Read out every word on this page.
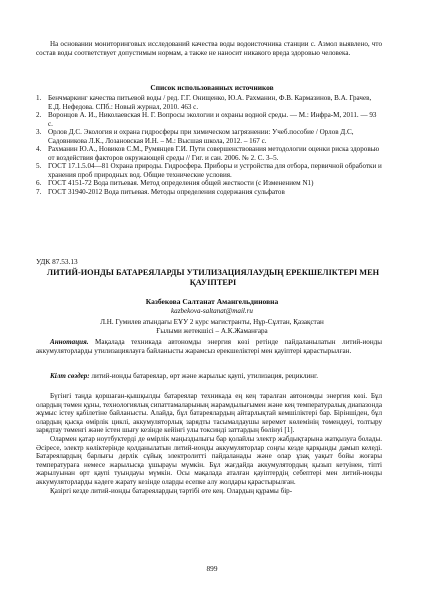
На основании мониторинговых исследований качества воды водоисточника станции с. Азмол выявлено, что состав воды соответствует допустимым нормам, а также не наносит никакого вреда здоровью человека.

Список использованных источников
1. Бенчмаркинг качества питьевой воды / ред. Г.Г. Онищенко, Ю.А. Рахманин, Ф.В. Кармазинов, В.А. Грачев, Е.Д. Нефедова. СПб.: Новый журнал, 2010. 463 с.
2. Воронцов А. И., Николаевская Н. Г. Вопросы экологии и охраны водной среды. — М.: Инфра-М, 2011. — 93 с.
3. Орлов Д.С. Экология и охрана гидросферы при химическом загрязнении: Учеб.пособие / Орлов Д.С, Садовникова Л.К., Лозановская И.Н. – М.: Высшая школа, 2012. – 167 с.
4. Рахманин Ю.А., Новиков С.М., Румянцев Г.И. Пути совершенствования методологии оценки риска здоровью от воздействия факторов окружающей среды // Гиг. и сан. 2006. № 2. С. 3–5.
5. ГОСТ 17.1.5.04—81 Охрана природы. Гидросфера. Приборы и устройства для отбора, первичной обработки и хранения проб природных вод. Общие технические условия.
6. ГОСТ 4151-72 Вода питьевая. Метод определения общей жесткости (с Изменением N1)
7. ГОСТ 31940-2012 Вода питьевая. Методы определения содержания сульфатов
УДК 87.53.13
ЛИТИЙ-ИОНДЫ БАТАРЕЯЛАРДЫ УТИЛИЗАЦИЯЛАУДЫҢ ЕРЕКШЕЛІКТЕРІ МЕН ҚАУІПТЕРІ
Казбекова Салтанат Амангельдиновна
kazbekova-saltanat@mail.ru
Л.Н. Гумилев атындағы ЕҰУ 2 курс магистранты, Нұр-Сұлтан, Қазақстан
Ғылыми жетекшісі – А.К.Жаманғара

Аннотация. Мақалада техникада автономды энергия көзі ретінде пайдаланылатын литий-ионды аккумуляторларды утилизациялауға байланысты жарамсыз ерекшеліктері мен қауіптері қарастырылған.

Кілт сөздер: литий-ионды батареялар, өрт және жарылыс қаупі, утилизация, рециклинг.

Бүгінгі таңда қоршаған-қышқылды батареялар техникада ең кең таралған автономды энергия көзі. Бұл олардың төмен құны, технологиялық сипаттамаларының жарамдылығымен және кең температуралық диапазонда жұмыс істеу қабілетіне байланысты. Алайда, бұл батареялардың айтарлықтай кемшіліктері бар. Біріншіден, бұл олардың қысқа өмірлік циклі, аккумуляторлық зарядты тасымалдаушы керемет көлемінің төмендеуі, толтыру зарядтау төменгі және істен шығу кезінде кейінгі улы токсинді заттардың бөлінуі [1].

Олармен қатар ноутбуктерді де өмірлік маңыздылығы бар қолайлы электр жабдықтарына жатқызуға болады. Әсіресе, электр көліктерінде қолданылатын литий-ионды аккумуляторлар соңғы кезде қарқынды дамып келеді. Батареялардың барлығы дерлік сұйық электролитті пайдаланады және олар ұзақ уақыт бойы жоғары температураға немесе жарылысқа ұшырауы мүмкін. Бұл жағдайда аккумулятордың қызып кетуінен, тіпті жарылуынан өрт қаупі туындауы мүмкін. Осы мақалада аталған қауіптердің себептері мен литий-ионды аккумуляторларды кәдеге жарату кезінде оларды есепке алу жолдары қарастырылған.

Қазіргі кезде литий-ионды батареялардың тәртібі өте кең. Олардың құрамы бір-

899
